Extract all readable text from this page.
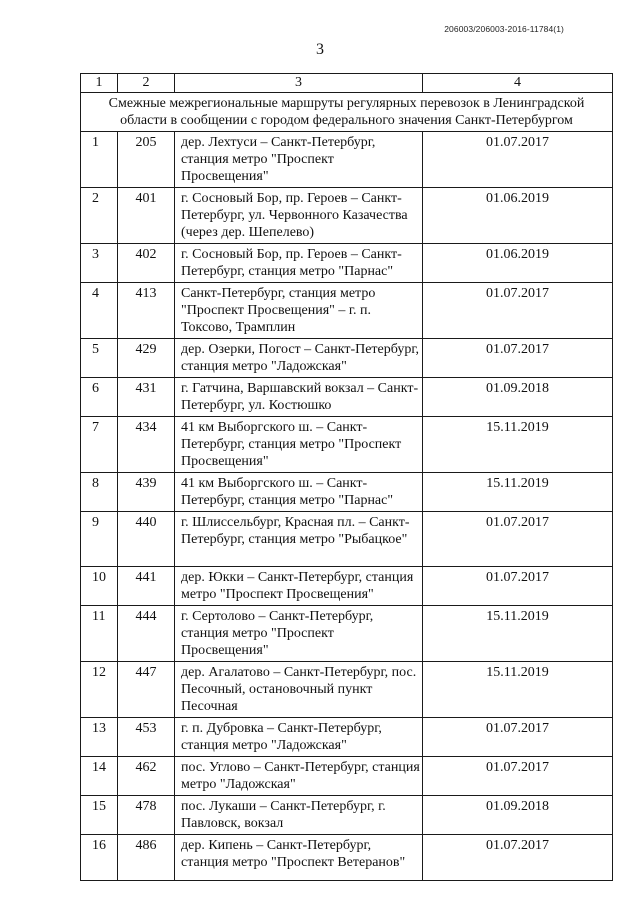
206003/206003-2016-11784(1)
3
1	2	3	4
Смежные межрегиональные маршруты регулярных перевозок в Ленинградской области в сообщении с городом федерального значения Санкт-Петербургом			
1	205	дер. Лехтуси – Санкт-Петербург, станция метро "Проспект Просвещения"	01.07.2017
2	401	г. Сосновый Бор, пр. Героев – Санкт-Петербург, ул. Червонного Казачества (через дер. Шепелево)	01.06.2019
3	402	г. Сосновый Бор, пр. Героев – Санкт-Петербург, станция метро "Парнас"	01.06.2019
4	413	Санкт-Петербург, станция метро "Проспект Просвещения" – г. п. Токсово, Трамплин	01.07.2017
5	429	дер. Озерки, Погост – Санкт-Петербург, станция метро "Ладожская"	01.07.2017
6	431	г. Гатчина, Варшавский вокзал – Санкт-Петербург, ул. Костюшко	01.09.2018
7	434	41 км Выборгского ш. – Санкт-Петербург, станция метро "Проспект Просвещения"	15.11.2019
8	439	41 км Выборгского ш. – Санкт-Петербург, станция метро "Парнас"	15.11.2019
9	440	г. Шлиссельбург, Красная пл. – Санкт-Петербург, станция метро "Рыбацкое"	01.07.2017
10	441	дер. Юкки – Санкт-Петербург, станция метро "Проспект Просвещения"	01.07.2017
11	444	г. Сертолово – Санкт-Петербург, станция метро "Проспект Просвещения"	15.11.2019
12	447	дер. Агалатово – Санкт-Петербург, пос. Песочный, остановочный пункт Песочная	15.11.2019
13	453	г. п. Дубровка – Санкт-Петербург, станция метро "Ладожская"	01.07.2017
14	462	пос. Углово – Санкт-Петербург, станция метро "Ладожская"	01.07.2017
15	478	пос. Лукаши – Санкт-Петербург, г. Павловск, вокзал	01.09.2018
16	486	дер. Кипень – Санкт-Петербург, станция метро "Проспект Ветеранов"	01.07.2017
